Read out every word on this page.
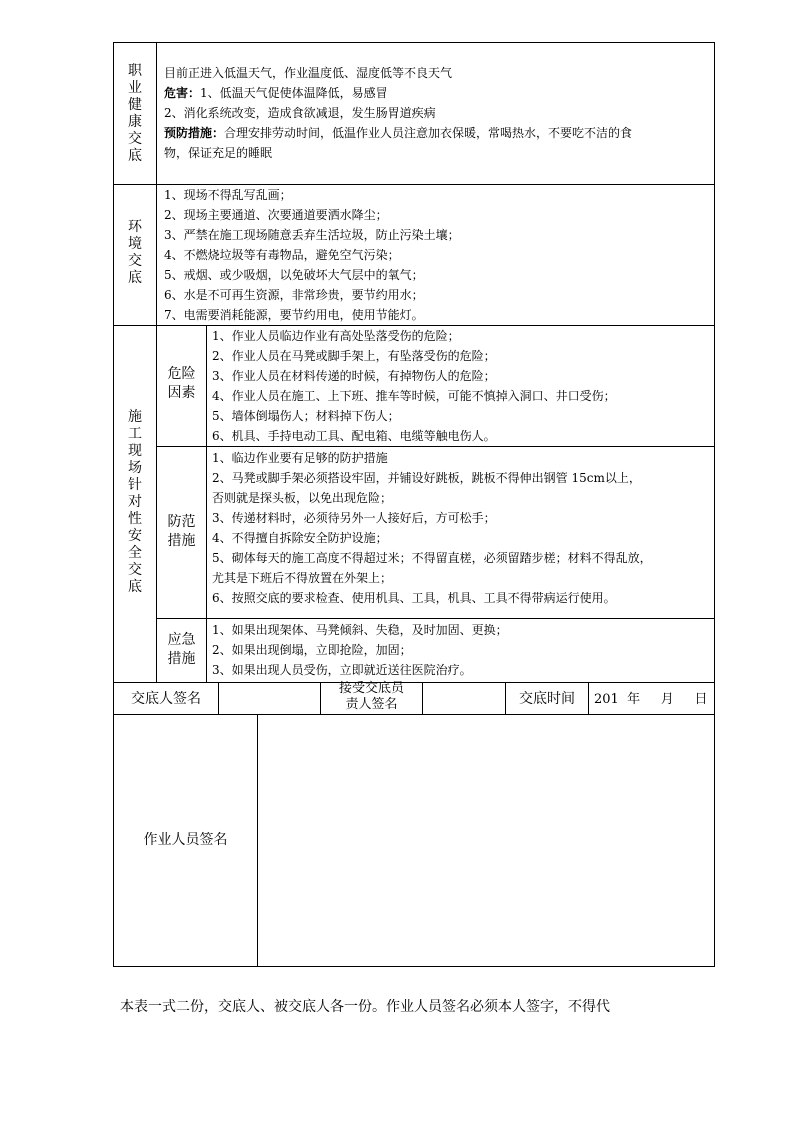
职
业
健
康
交
底
目前正进入低温天气，作业温度低、湿度低等不良天气
危害：1、低温天气促使体温降低，易感冒
2、消化系统改变，造成食欲减退，发生肠胃道疾病
预防措施：合理安排劳动时间，低温作业人员注意加衣保暖，常喝热水，不要吃不洁的食
物，保证充足的睡眠
环
境
交
底
1、现场不得乱写乱画；
2、现场主要通道、次要通道要洒水降尘；
3、严禁在施工现场随意丢弃生活垃圾，防止污染土壤；
4、不燃烧垃圾等有毒物品，避免空气污染；
5、戒烟、或少吸烟，以免破坏大气层中的氧气；
6、水是不可再生资源，非常珍贵，要节约用水；
7、电需要消耗能源，要节约用电，使用节能灯。
施
工
现
场
针
对
性
安
全
交
底
危险
因素
1、作业人员临边作业有高处坠落受伤的危险；
2、作业人员在马凳或脚手架上，有坠落受伤的危险；
3、作业人员在材料传递的时候，有掉物伤人的危险；
4、作业人员在施工、上下班、推车等时候，可能不慎掉入洞口、井口受伤；
5、墙体倒塌伤人；材料掉下伤人；
6、机具、手持电动工具、配电箱、电缆等触电伤人。
防范
措施
1、临边作业要有足够的防护措施
2、马凳或脚手架必须搭设牢固，并铺设好跳板，跳板不得伸出钢管 15cm以上，
否则就是探头板，以免出现危险；
3、传递材料时，必须待另外一人接好后，方可松手；
4、不得擅自拆除安全防护设施；
5、砌体每天的施工高度不得超过米；不得留直槎，必须留踏步槎；材料不得乱放，
尤其是下班后不得放置在外架上；
6、按照交底的要求检查、使用机具、工具，机具、工具不得带病运行使用。
应急
措施
1、如果出现架体、马凳倾斜、失稳，及时加固、更换；
2、如果出现倒塌，立即抢险，加固；
3、如果出现人员受伤，立即就近送往医院治疗。
交底人签名
接受交底员
责人签名	交底时间	201 年 月 日
作业人员签名
本表一式二份，交底人、被交底人各一份。作业人员签名必须本人签字，不得代
